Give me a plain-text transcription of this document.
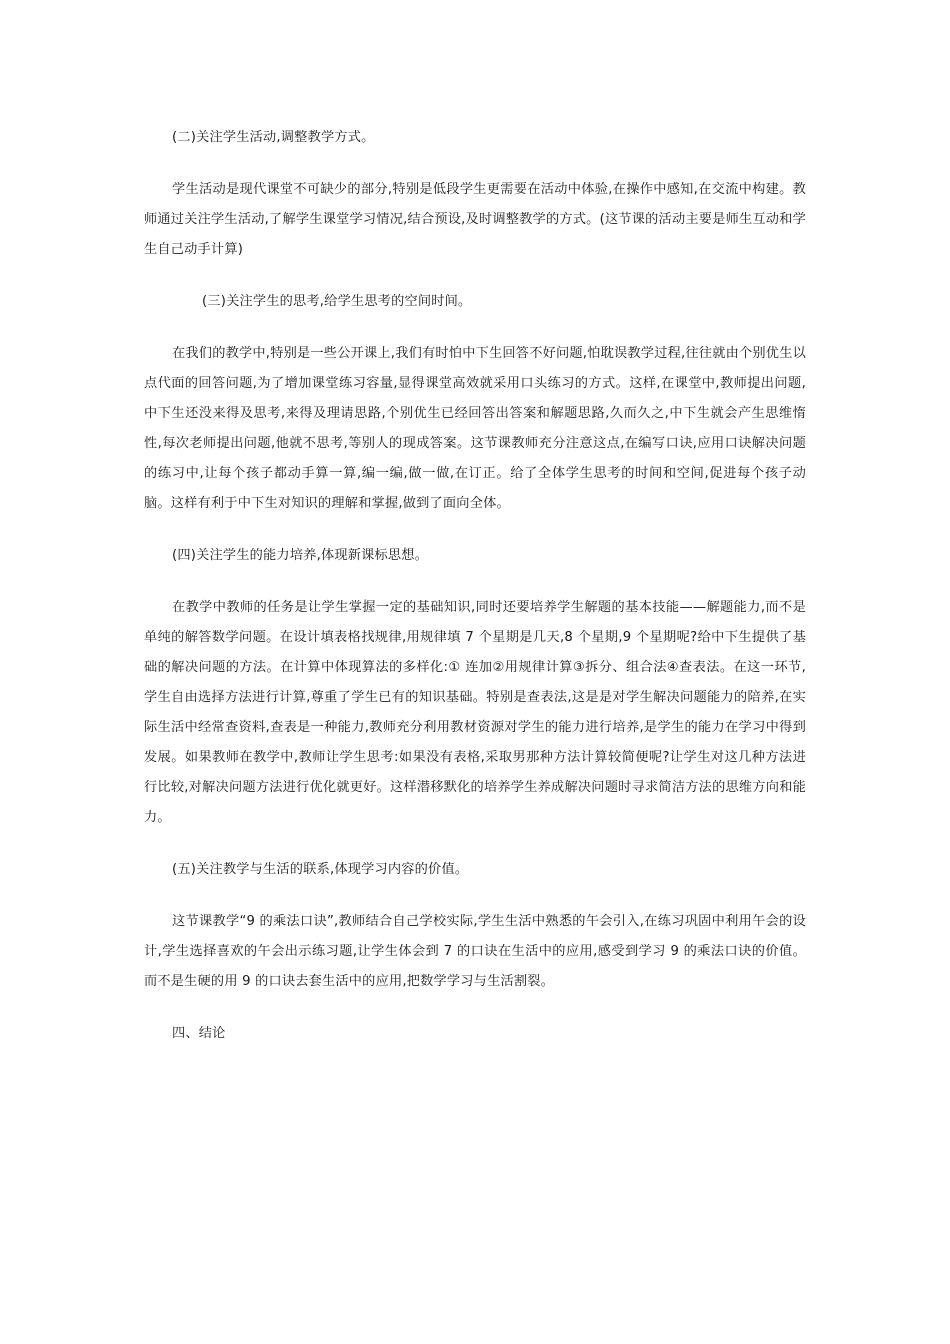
(二)关注学生活动,调整教学方式。

学生活动是现代课堂不可缺少的部分,特别是低段学生更需要在活动中体验,在操作中感知,在交流中构建。教师通过关注学生活动,了解学生课堂学习情况,结合预设,及时调整教学的方式。(这节课的活动主要是师生互动和学生自己动手计算)

(三)关注学生的思考,给学生思考的空间时间。

在我们的教学中,特别是一些公开课上,我们有时怕中下生回答不好问题,怕耽误教学过程,往往就由个别优生以点代面的回答问题,为了增加课堂练习容量,显得课堂高效就采用口头练习的方式。这样,在课堂中,教师提出问题,中下生还没来得及思考,来得及理请思路,个别优生已经回答出答案和解题思路,久而久之,中下生就会产生思维惰性,每次老师提出问题,他就不思考,等别人的现成答案。这节课教师充分注意这点,在编写口诀,应用口诀解决问题的练习中,让每个孩子都动手算一算,编一编,做一做,在订正。给了全体学生思考的时间和空间,促进每个孩子动脑。这样有利于中下生对知识的理解和掌握,做到了面向全体。

(四)关注学生的能力培养,体现新课标思想。

在教学中教师的任务是让学生掌握一定的基础知识,同时还要培养学生解题的基本技能——解题能力,而不是单纯的解答数学问题。在设计填表格找规律,用规律填 7 个星期是几天,8 个星期,9 个星期呢?给中下生提供了基础的解决问题的方法。在计算中体现算法的多样化:① 连加②用规律计算③拆分、组合法④查表法。在这一环节,学生自由选择方法进行计算,尊重了学生已有的知识基础。特别是查表法,这是是对学生解决问题能力的陪养,在实际生活中经常查资料,查表是一种能力,教师充分利用教材资源对学生的能力进行培养,是学生的能力在学习中得到发展。如果教师在教学中,教师让学生思考:如果没有表格,采取男那种方法计算较简便呢?让学生对这几种方法进行比较,对解决问题方法进行优化就更好。这样潜移默化的培养学生养成解决问题时寻求简洁方法的思维方向和能力。

(五)关注教学与生活的联系,体现学习内容的价值。

这节课教学“9 的乘法口诀”,教师结合自己学校实际,学生生活中熟悉的午会引入,在练习巩固中利用午会的设计,学生选择喜欢的午会出示练习题,让学生体会到 7 的口诀在生活中的应用,感受到学习 9 的乘法口诀的价值。而不是生硬的用 9 的口诀去套生活中的应用,把数学学习与生活割裂。

四、结论
